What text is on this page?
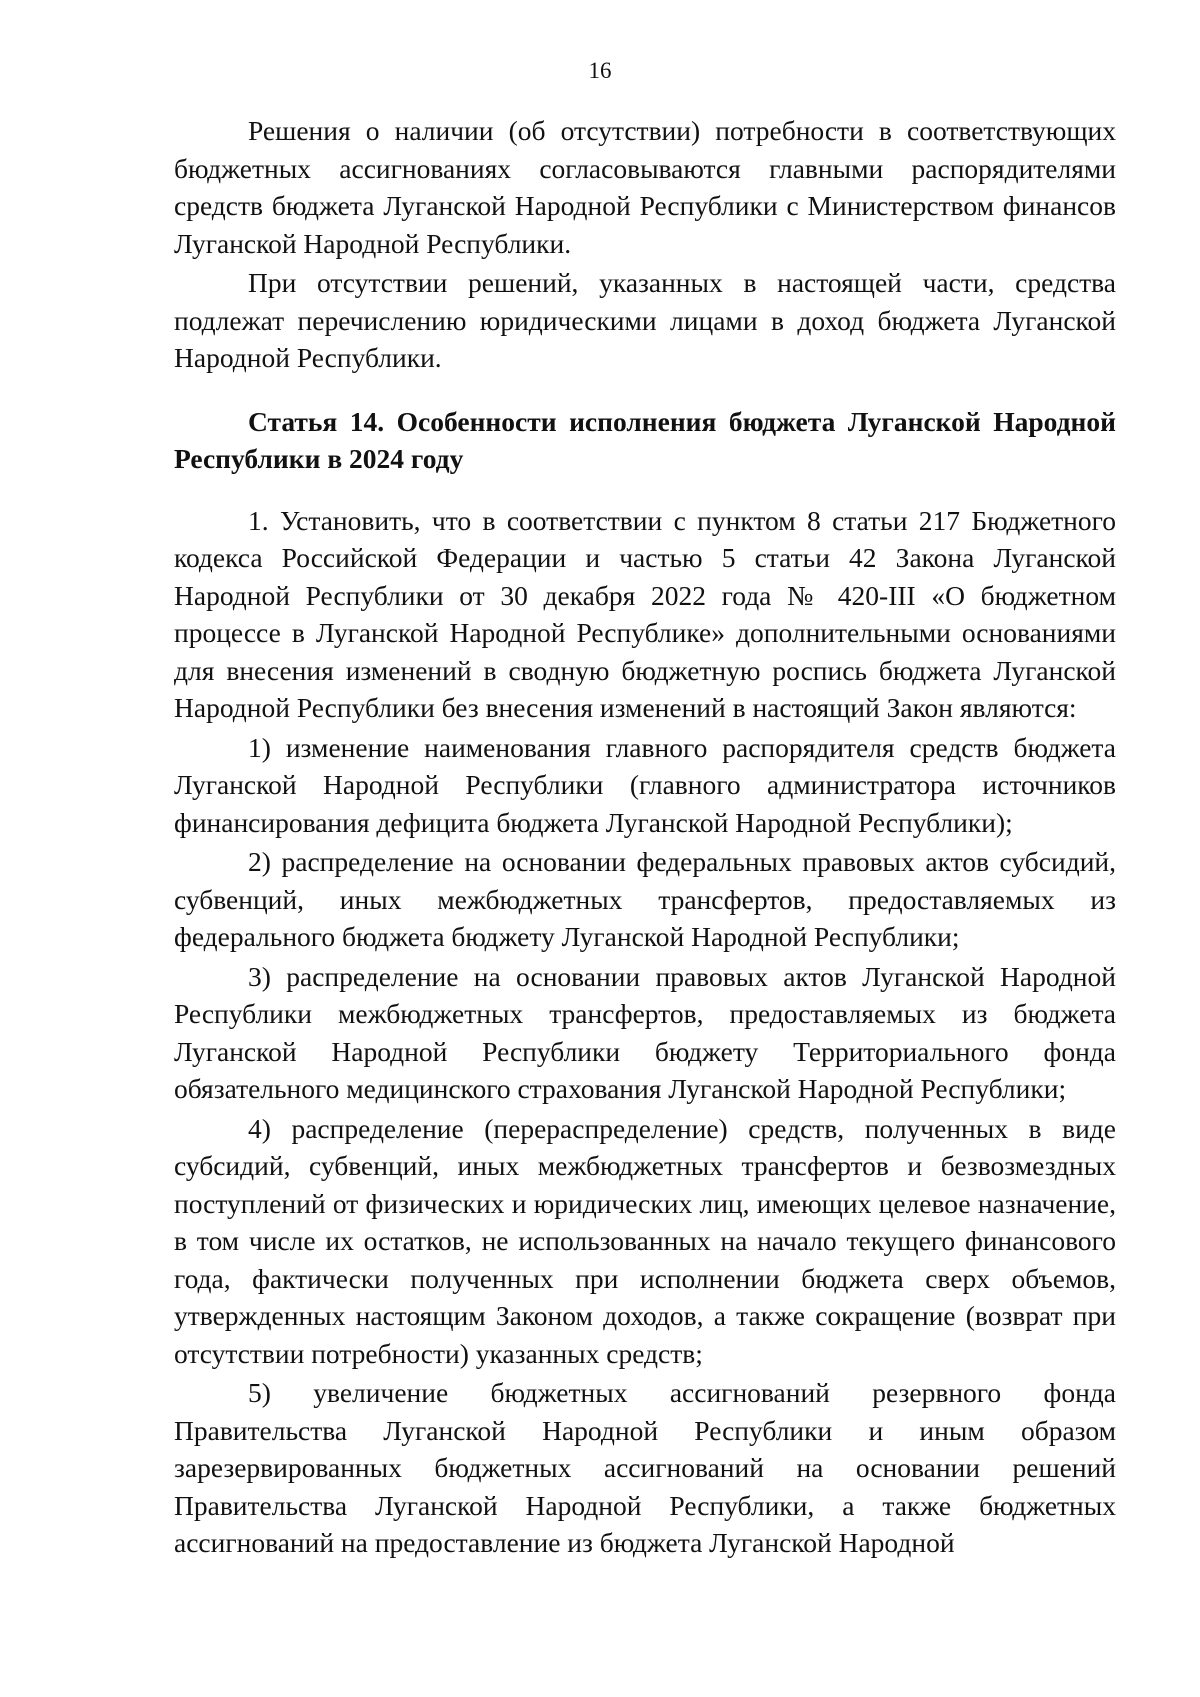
16

Решения о наличии (об отсутствии) потребности в соответствующих бюджетных ассигнованиях согласовываются главными распорядителями средств бюджета Луганской Народной Республики с Министерством финансов Луганской Народной Республики.

При отсутствии решений, указанных в настоящей части, средства подлежат перечислению юридическими лицами в доход бюджета Луганской Народной Республики.

Статья 14. Особенности исполнения бюджета Луганской Народной Республики в 2024 году

1. Установить, что в соответствии с пунктом 8 статьи 217 Бюджетного кодекса Российской Федерации и частью 5 статьи 42 Закона Луганской Народной Республики от 30 декабря 2022 года № 420-III «О бюджетном процессе в Луганской Народной Республике» дополнительными основаниями для внесения изменений в сводную бюджетную роспись бюджета Луганской Народной Республики без внесения изменений в настоящий Закон являются:

1) изменение наименования главного распорядителя средств бюджета Луганской Народной Республики (главного администратора источников финансирования дефицита бюджета Луганской Народной Республики);

2) распределение на основании федеральных правовых актов субсидий, субвенций, иных межбюджетных трансфертов, предоставляемых из федерального бюджета бюджету Луганской Народной Республики;

3) распределение на основании правовых актов Луганской Народной Республики межбюджетных трансфертов, предоставляемых из бюджета Луганской Народной Республики бюджету Территориального фонда обязательного медицинского страхования Луганской Народной Республики;

4) распределение (перераспределение) средств, полученных в виде субсидий, субвенций, иных межбюджетных трансфертов и безвозмездных поступлений от физических и юридических лиц, имеющих целевое назначение, в том числе их остатков, не использованных на начало текущего финансового года, фактически полученных при исполнении бюджета сверх объемов, утвержденных настоящим Законом доходов, а также сокращение (возврат при отсутствии потребности) указанных средств;

5) увеличение бюджетных ассигнований резервного фонда Правительства Луганской Народной Республики и иным образом зарезервированных бюджетных ассигнований на основании решений Правительства Луганской Народной Республики, а также бюджетных ассигнований на предоставление из бюджета Луганской Народной
